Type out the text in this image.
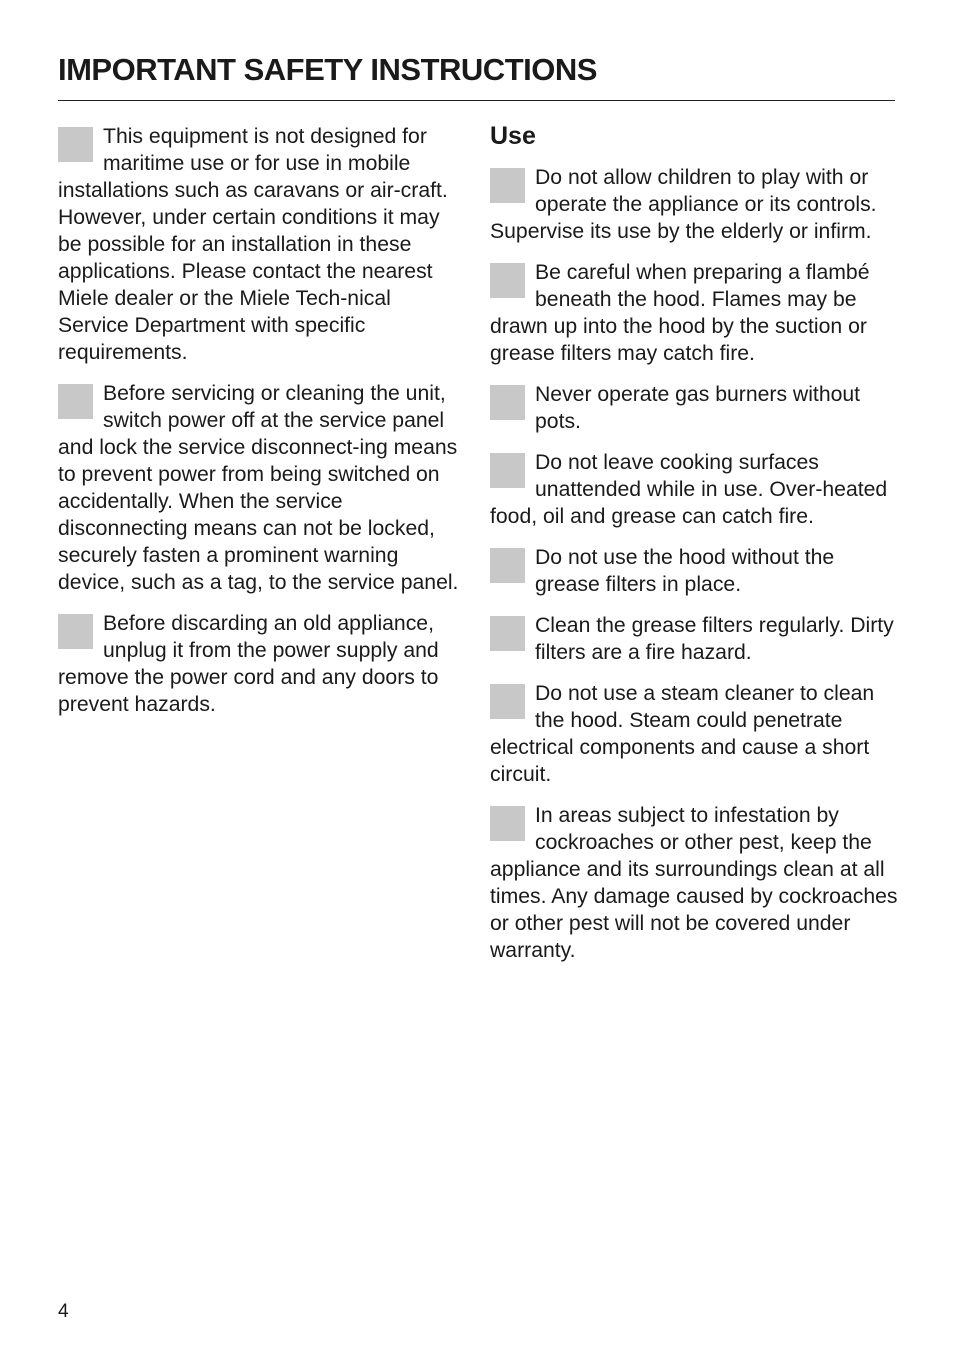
IMPORTANT SAFETY INSTRUCTIONS

This equipment is not designed for maritime use or for use in mobile installations such as caravans or air-craft. However, under certain conditions it may be possible for an installation in these applications. Please contact the nearest Miele dealer or the Miele Tech-nical Service Department with specific requirements.

Before servicing or cleaning the unit, switch power off at the service panel and lock the service disconnect-ing means to prevent power from being switched on accidentally. When the service disconnecting means can not be locked, securely fasten a prominent warning device, such as a tag, to the service panel.

Before discarding an old appliance, unplug it from the power supply and remove the power cord and any doors to prevent hazards.

Use

Do not allow children to play with or operate the appliance or its controls. Supervise its use by the elderly or infirm.

Be careful when preparing a flambé beneath the hood. Flames may be drawn up into the hood by the suction or grease filters may catch fire.

Never operate gas burners without pots.

Do not leave cooking surfaces unattended while in use. Over-heated food, oil and grease can catch fire.

Do not use the hood without the grease filters in place.

Clean the grease filters regularly. Dirty filters are a fire hazard.

Do not use a steam cleaner to clean the hood. Steam could penetrate electrical components and cause a short circuit.

In areas subject to infestation by cockroaches or other pest, keep the appliance and its surroundings clean at all times. Any damage caused by cockroaches or other pest will not be covered under warranty.

4
